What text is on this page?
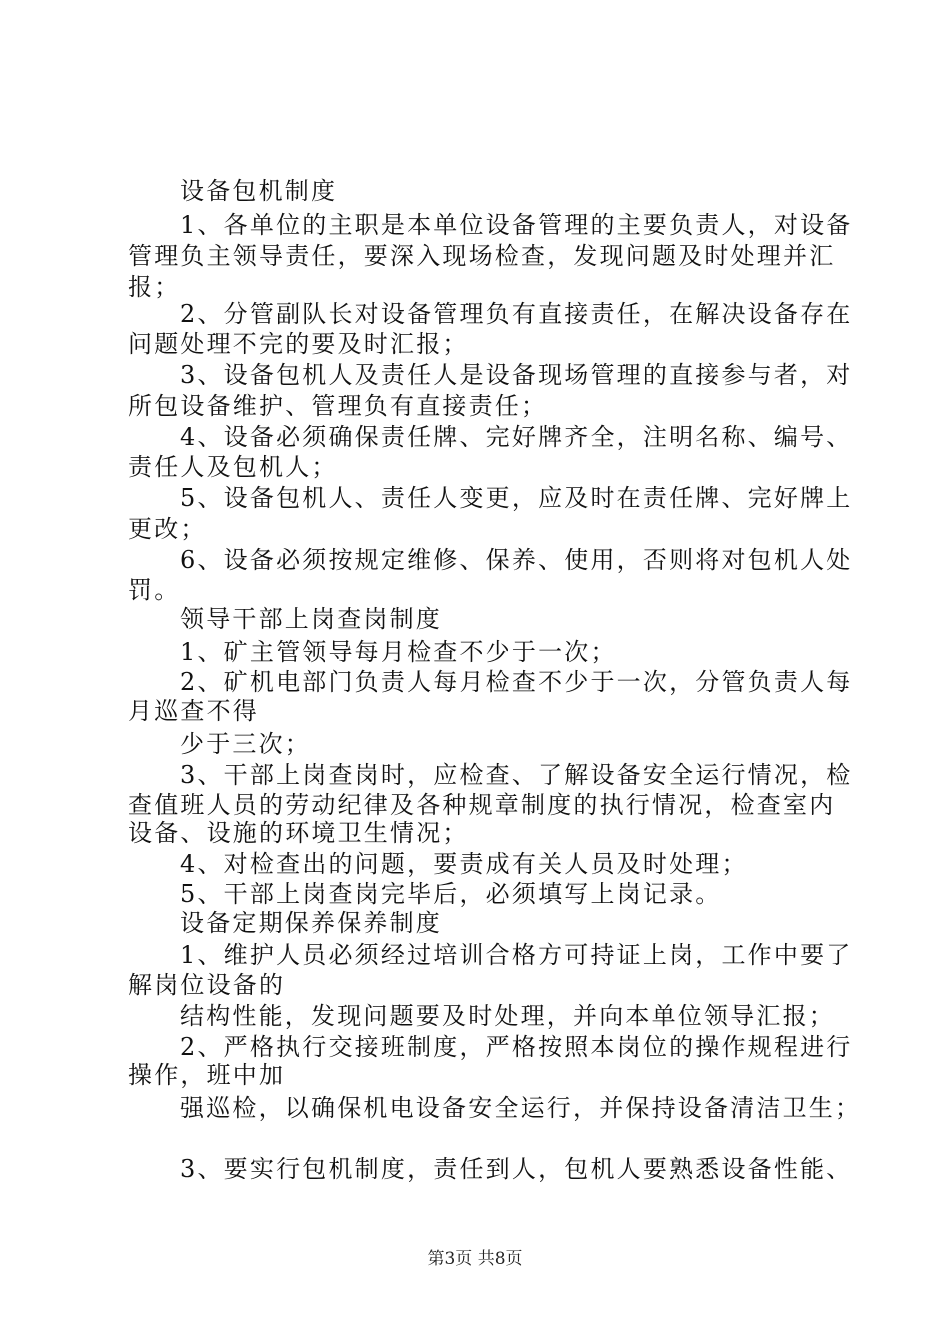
设备包机制度
1、各单位的主职是本单位设备管理的主要负责人，对设备
管理负主领导责任，要深入现场检查，发现问题及时处理并汇
报；
2、分管副队长对设备管理负有直接责任，在解决设备存在
问题处理不完的要及时汇报；
3、设备包机人及责任人是设备现场管理的直接参与者，对
所包设备维护、管理负有直接责任；
4、设备必须确保责任牌、完好牌齐全，注明名称、编号、
责任人及包机人；
5、设备包机人、责任人变更，应及时在责任牌、完好牌上
更改；
6、设备必须按规定维修、保养、使用，否则将对包机人处
罚。
领导干部上岗查岗制度
1、矿主管领导每月检查不少于一次；
2、矿机电部门负责人每月检查不少于一次，分管负责人每
月巡查不得
少于三次；
3、干部上岗查岗时，应检查、了解设备安全运行情况，检
查值班人员的劳动纪律及各种规章制度的执行情况，检查室内
设备、设施的环境卫生情况；
4、对检查出的问题，要责成有关人员及时处理；
5、干部上岗查岗完毕后，必须填写上岗记录。
设备定期保养保养制度
1、维护人员必须经过培训合格方可持证上岗，工作中要了
解岗位设备的
结构性能，发现问题要及时处理，并向本单位领导汇报；
2、严格执行交接班制度，严格按照本岗位的操作规程进行
操作，班中加
强巡检，以确保机电设备安全运行，并保持设备清洁卫生；
3、要实行包机制度，责任到人，包机人要熟悉设备性能、
第3页 共8页
